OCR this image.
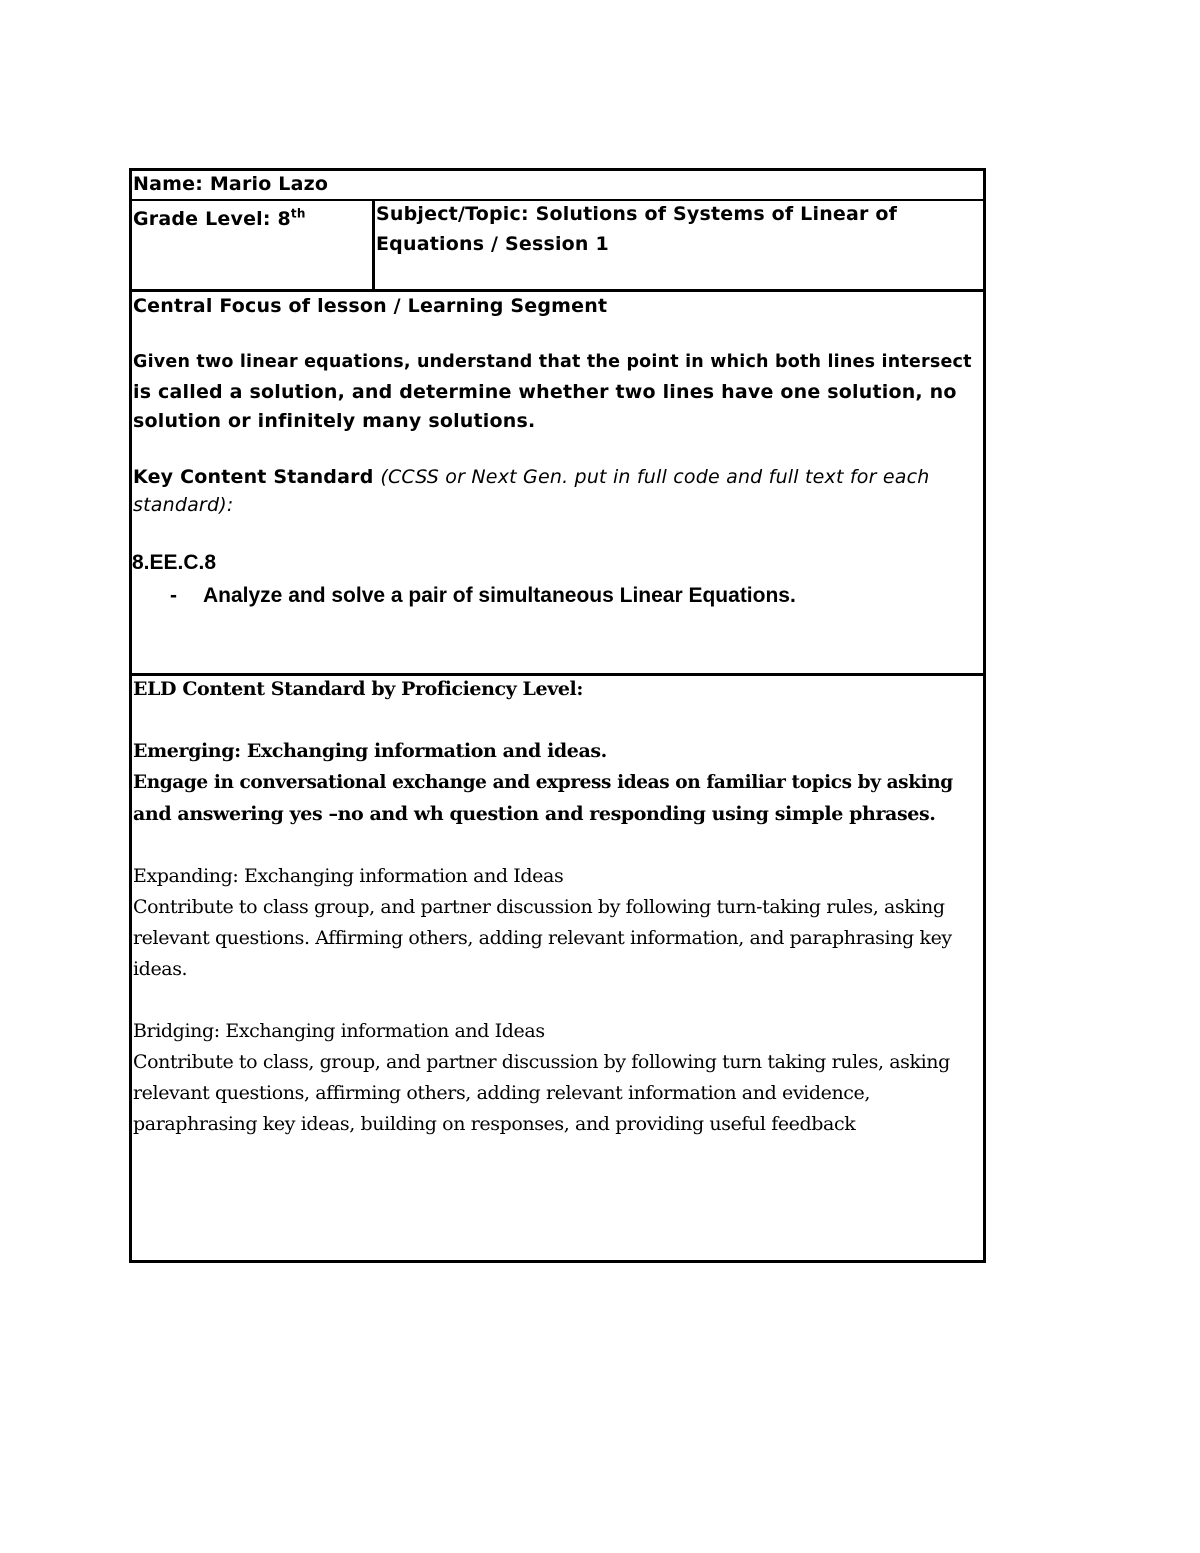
Name: Mario Lazo
Grade Level: 8th	Subject/Topic: Solutions of Systems of Linear of
Equations / Session 1
Central Focus of lesson / Learning Segment
Given two linear equations, understand that the point in which both lines intersect
is called a solution, and determine whether two lines have one solution, no
solution or infinitely many solutions.
Key Content Standard (CCSS or Next Gen. put in full code and full text for each
standard):
8.EE.C.8
- Analyze and solve a pair of simultaneous Linear Equations.
ELD Content Standard by Proficiency Level:
Emerging: Exchanging information and ideas.
Engage in conversational exchange and express ideas on familiar topics by asking
and answering yes –no and wh question and responding using simple phrases.
Expanding: Exchanging information and Ideas
Contribute to class group, and partner discussion by following turn-taking rules, asking
relevant questions. Affirming others, adding relevant information, and paraphrasing key
ideas.
Bridging: Exchanging information and Ideas
Contribute to class, group, and partner discussion by following turn taking rules, asking
relevant questions, affirming others, adding relevant information and evidence,
paraphrasing key ideas, building on responses, and providing useful feedback
